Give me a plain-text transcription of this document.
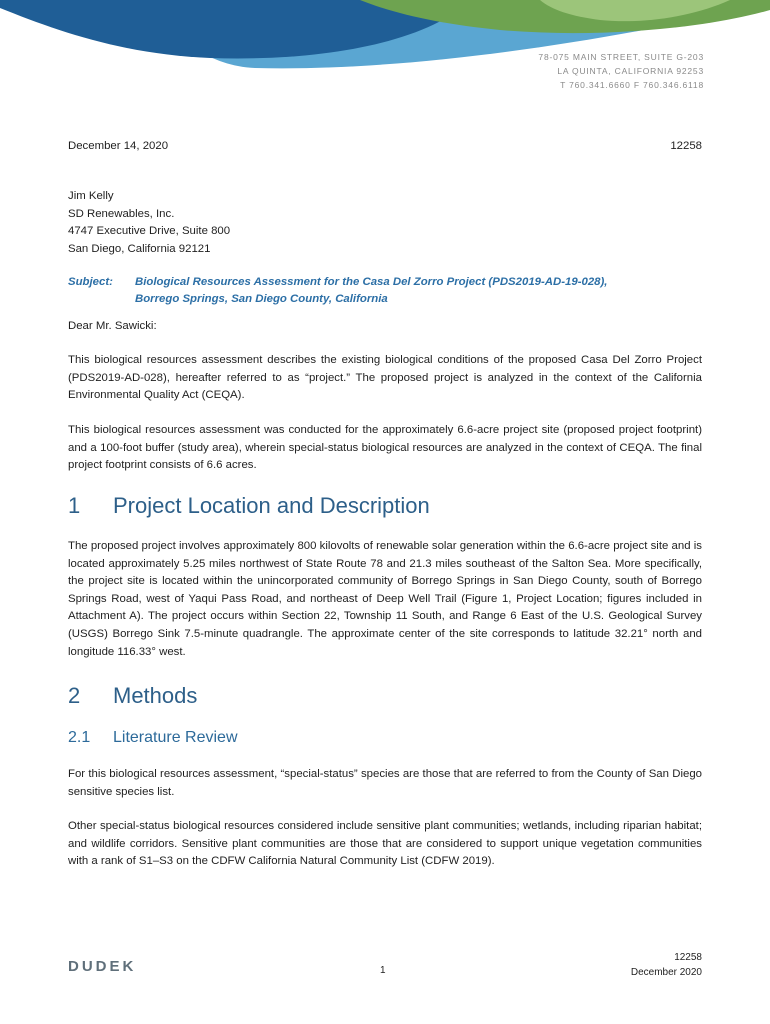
78-075 MAIN STREET, SUITE G-203
LA QUINTA, CALIFORNIA 92253
T 760.341.6660 F 760.346.6118
December 14, 2020	12258
Jim Kelly
SD Renewables, Inc.
4747 Executive Drive, Suite 800
San Diego, California 92121
Subject: Biological Resources Assessment for the Casa Del Zorro Project (PDS2019-AD-19-028),
Borrego Springs, San Diego County, California
Dear Mr. Sawicki:

This biological resources assessment describes the existing biological conditions of the proposed Casa Del Zorro Project (PDS2019-AD-028), hereafter referred to as “project.” The proposed project is analyzed in the context of the California Environmental Quality Act (CEQA).

This biological resources assessment was conducted for the approximately 6.6-acre project site (proposed project footprint) and a 100-foot buffer (study area), wherein special-status biological resources are analyzed in the context of CEQA. The final project footprint consists of 6.6 acres.

1 Project Location and Description

The proposed project involves approximately 800 kilovolts of renewable solar generation within the 6.6-acre project site and is located approximately 5.25 miles northwest of State Route 78 and 21.3 miles southeast of the Salton Sea. More specifically, the project site is located within the unincorporated community of Borrego Springs in San Diego County, south of Borrego Springs Road, west of Yaqui Pass Road, and northeast of Deep Well Trail (Figure 1, Project Location; figures included in Attachment A). The project occurs within Section 22, Township 11 South, and Range 6 East of the U.S. Geological Survey (USGS) Borrego Sink 7.5-minute quadrangle. The approximate center of the site corresponds to latitude 32.21° north and longitude 116.33° west.

2 Methods
2.1 Literature Review

For this biological resources assessment, “special-status” species are those that are referred to from the County of San Diego sensitive species list.

Other special-status biological resources considered include sensitive plant communities; wetlands, including riparian habitat; and wildlife corridors. Sensitive plant communities are those that are considered to support unique vegetation communities with a rank of S1–S3 on the CDFW California Natural Community List (CDFW 2019).

DUDEK	1
12258
December 2020
